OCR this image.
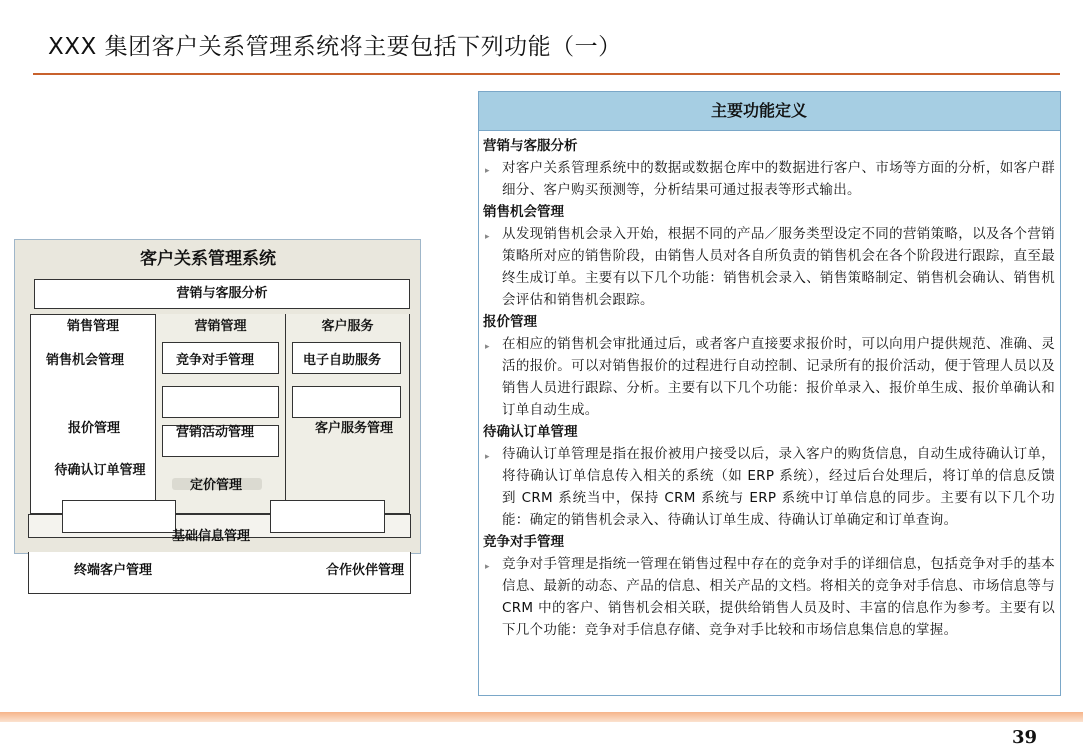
XXX 集团客户关系管理系统将主要包括下列功能（一）
客户关系管理系统
营销与客服分析
销售管理	营销管理	客户服务
销售机会管理
报价管理
待确认订单管理
竞争对手管理
营销活动管理
定价管理
电子自助服务
客户服务管理
基础信息管理
终端客户管理	合作伙伴管理
主要功能定义
营销与客服分析
▸ 对客户关系管理系统中的数据或数据仓库中的数据进行客户、市场等方面的分析，如客户群细分、客户购买预测等，分析结果可通过报表等形式输出。
销售机会管理
▸ 从发现销售机会录入开始，根据不同的产品／服务类型设定不同的营销策略，以及各个营销策略所对应的销售阶段，由销售人员对各自所负责的销售机会在各个阶段进行跟踪，直至最终生成订单。主要有以下几个功能：销售机会录入、销售策略制定、销售机会确认、销售机会评估和销售机会跟踪。
报价管理
▸ 在相应的销售机会审批通过后，或者客户直接要求报价时，可以向用户提供规范、准确、灵活的报价。可以对销售报价的过程进行自动控制、记录所有的报价活动，便于管理人员以及销售人员进行跟踪、分析。主要有以下几个功能：报价单录入、报价单生成、报价单确认和订单自动生成。
待确认订单管理
▸ 待确认订单管理是指在报价被用户接受以后，录入客户的购货信息，自动生成待确认订单，将待确认订单信息传入相关的系统（如 ERP 系统），经过后台处理后，将订单的信息反馈到 CRM 系统当中，保持 CRM 系统与 ERP 系统中订单信息的同步。主要有以下几个功能：确定的销售机会录入、待确认订单生成、待确认订单确定和订单查询。
竞争对手管理
▸ 竞争对手管理是指统一管理在销售过程中存在的竞争对手的详细信息，包括竞争对手的基本信息、最新的动态、产品的信息、相关产品的文档。将相关的竞争对手信息、市场信息等与 CRM 中的客户、销售机会相关联，提供给销售人员及时、丰富的信息作为参考。主要有以下几个功能：竞争对手信息存储、竞争对手比较和市场信息集信息的掌握。
39
